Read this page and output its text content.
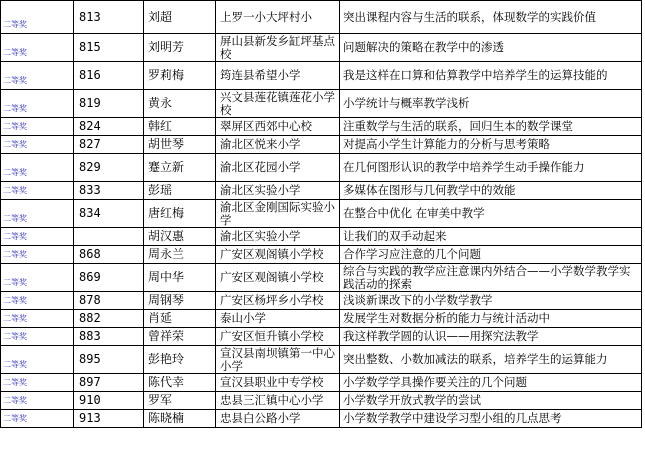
二等奖	813	刘超	上罗一小大坪村小	突出课程内容与生活的联系，体现数学的实践价值

二等奖	815	刘明芳	屏山县新发乡缸坪基点校	问题解决的策略在教学中的渗透

二等奖	816	罗莉梅	筠连县希望小学	我是这样在口算和估算教学中培养学生的运算技能的

二等奖	819	黄永	兴文县莲花镇莲花小学校	小学统计与概率教学浅析

二等奖	824	韩红	翠屏区西郊中心校	注重数学与生活的联系，回归生本的数学课堂

二等奖	827	胡世琴	渝北区悦来小学	对提高小学生计算能力的分析与思考策略

二等奖	829	蹇立新	渝北区花园小学	在几何图形认识的教学中培养学生动手操作能力

二等奖	833	彭瑶	渝北区实验小学	多媒体在图形与几何教学中的效能

二等奖	834	唐红梅	渝北区金刚国际实验小学	在整合中优化 在审美中教学

二等奖		胡汉惠	渝北区实验小学	让我们的双手动起来

二等奖	868	周永兰	广安区观阁镇小学校	合作学习应注意的几个问题

二等奖	869	周中华	广安区观阁镇小学校	综合与实践的教学应注意课内外结合——小学数学教学实践活动的探索

二等奖	878	周钢琴	广安区杨坪乡小学校	浅谈新课改下的小学数学教学

二等奖	882	肖延	泰山小学	发展学生对数据分析的能力与统计活动中

二等奖	883	曾祥荣	广安区恒升镇小学校	我这样教学圆的认识——用探究法教学

二等奖	895	彭艳玲	宣汉县南坝镇第一中心小学	突出整数、小数加减法的联系，培养学生的运算能力

二等奖	897	陈代幸	宣汉县职业中专学校	小学数学学具操作要关注的几个问题

二等奖	910	罗军	忠县三汇镇中心小学	小学数学开放式教学的尝试

二等奖	913	陈晓楠	忠县白公路小学	小学数学教学中建设学习型小组的几点思考
